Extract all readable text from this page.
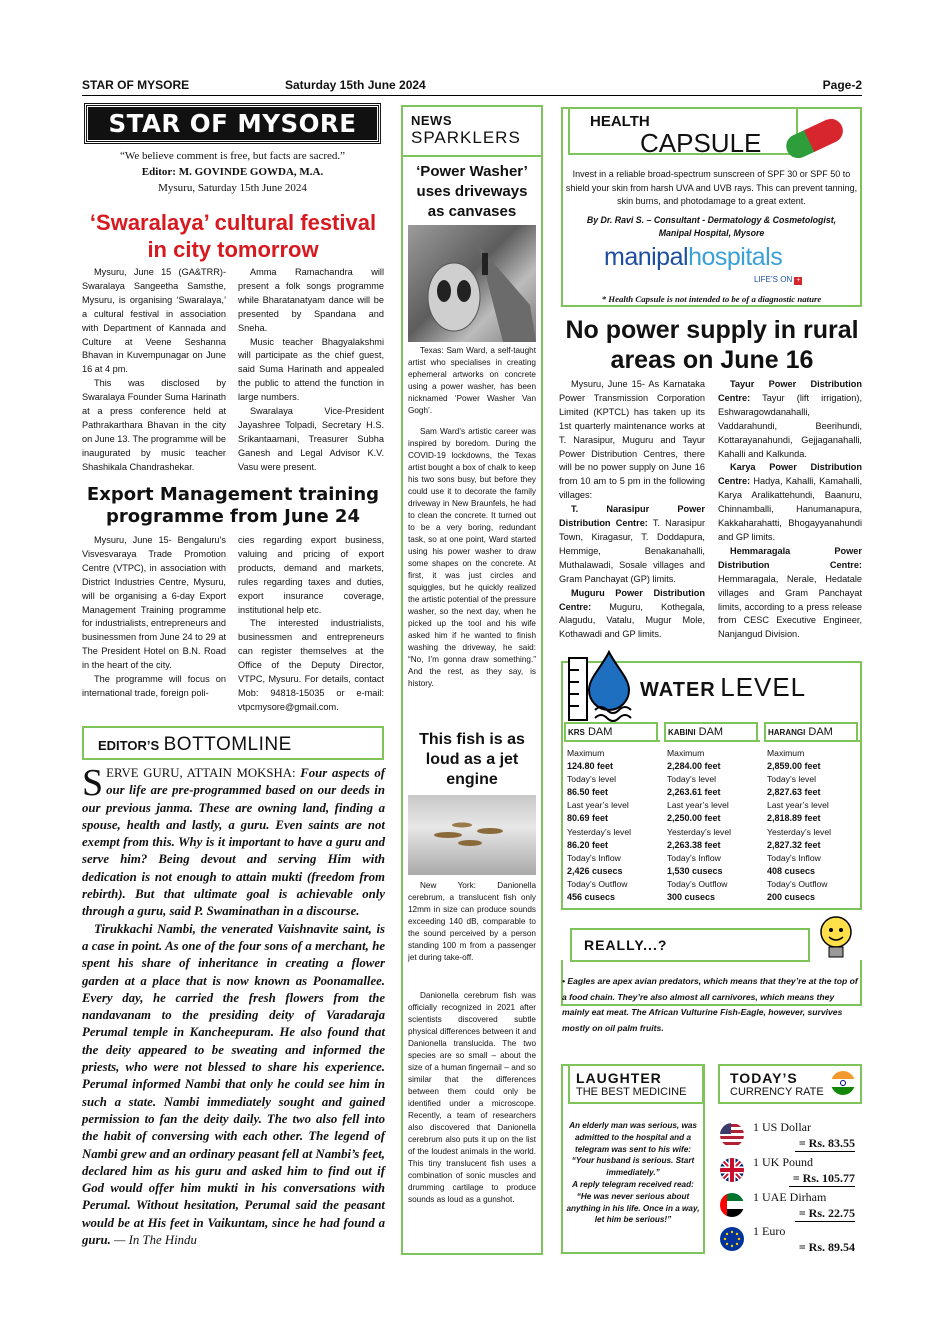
STAR OF MYSORE	Saturday 15th June 2024	Page-2
STAR OF MYSORE
“We believe comment is free, but facts are sacred.”
Editor: M. GOVINDE GOWDA, M.A.
Mysuru, Saturday 15th June 2024
‘Swaralaya’ cultural festival in city tomorrow

Mysuru, June 15 (GA&TRR)- Swaralaya Sangeetha Samsthe, Mysuru, is organising ‘Swaralaya,’ a cultural festival in association with Department of Kannada and Culture at Veene Seshanna Bhavan in Kuvempunagar on June 16 at 4 pm.

This was disclosed by Swaralaya Founder Suma Harinath at a press conference held at Pathrakarthara Bhavan in the city on June 13. The programme will be inaugurated by music teacher Shashikala Chandrashekar.

Amma Ramachandra will present a folk songs programme while Bharatanatyam dance will be presented by Spandana and Sneha.

Music teacher Bhagyalakshmi will participate as the chief guest, said Suma Harinath and appealed the public to attend the function in large numbers.

Swaralaya Vice-President Jayashree Tolpadi, Secretary H.S. Srikantaamani, Treasurer Subha Ganesh and Legal Advisor K.V. Vasu were present.

Export Management training programme from June 24

Mysuru, June 15- Bengaluru’s Visvesvaraya Trade Promotion Centre (VTPC), in association with District Industries Centre, Mysuru, will be organising a 6-day Export Management Training programme for industrialists, entrepreneurs and businessmen from June 24 to 29 at The President Hotel on B.N. Road in the heart of the city.

The programme will focus on international trade, foreign poli-

cies regarding export business, valuing and pricing of export products, demand and markets, rules regarding taxes and duties, export insurance coverage, institutional help etc.

The interested industrialists, businessmen and entrepreneurs can register themselves at the Office of the Deputy Director, VTPC, Mysuru. For details, contact Mob: 94818-15035 or e-mail: vtpcmysore@gmail.com.

EDITOR’S BOTTOMLINE

SERVE GURU, ATTAIN MOKSHA: Four aspects of our life are pre-programmed based on our deeds in our previous janma. These are owning land, finding a spouse, health and lastly, a guru. Even saints are not exempt from this. Why is it important to have a guru and serve him? Being devout and serving Him with dedication is not enough to attain mukti (freedom from rebirth). But that ultimate goal is achievable only through a guru, said P. Swaminathan in a discourse.

Tirukkachi Nambi, the venerated Vaishnavite saint, is a case in point. As one of the four sons of a merchant, he spent his share of inheritance in creating a flower garden at a place that is now known as Poonamallee. Every day, he carried the fresh flowers from the nandavanam to the presiding deity of Varadaraja Perumal temple in Kancheepuram. He also found that the deity appeared to be sweating and informed the priests, who were not blessed to share his experience. Perumal informed Nambi that only he could see him in such a state. Nambi immediately sought and gained permission to fan the deity daily. The two also fell into the habit of conversing with each other. The legend of Nambi grew and an ordinary peasant fell at Nambi’s feet, declared him as his guru and asked him to find out if God would offer him mukti in his conversations with Perumal. Without hesitation, Perumal said the peasant would be at His feet in Vaikuntam, since he had found a guru. — In The Hindu

NEWS
SPARKLERS
‘Power Washer’ uses driveways as canvases

Texas: Sam Ward, a self-taught artist who specialises in creating ephemeral artworks on concrete using a power washer, has been nicknamed ‘Power Washer Van Gogh’.

Sam Ward’s artistic career was inspired by boredom. During the COVID-19 lockdowns, the Texas artist bought a box of chalk to keep his two sons busy, but before they could use it to decorate the family driveway in New Braunfels, he had to clean the concrete. It turned out to be a very boring, redundant task, so at one point, Ward started using his power washer to draw some shapes on the concrete. At first, it was just circles and squiggles, but he quickly realized the artistic potential of the pressure washer, so the next day, when he picked up the tool and his wife asked him if he wanted to finish washing the driveway, he said: “No, I’m gonna draw something.” And the rest, as they say, is history.

This fish is as loud as a jet engine

New York: Danionella cerebrum, a translucent fish only 12mm in size can produce sounds exceeding 140 dB, comparable to the sound perceived by a person standing 100 m from a passenger jet during take-off.

Danionella cerebrum fish was officially recognized in 2021 after scientists discovered subtle physical differences between it and Danionella translucida. The two species are so small – about the size of a human fingernail – and so similar that the differences between them could only be identified under a microscope. Recently, a team of researchers also discovered that Danionella cerebrum also puts it up on the list of the loudest animals in the world. This tiny translucent fish uses a combination of sonic muscles and drumming cartilage to produce sounds as loud as a gunshot.

HEALTH
CAPSULE
Invest in a reliable broad-spectrum sunscreen of SPF 30 or SPF 50 to shield your skin from harsh UVA and UVB rays. This can prevent tanning, skin burns, and photodamage to a great extent.
By Dr. Ravi S. – Consultant - Dermatology & Cosmetologist,
Manipal Hospital, Mysore
manipalhospitals
LIFE’S ON +
* Health Capsule is not intended to be of a diagnostic nature
No power supply in rural areas on June 16

Mysuru, June 15- As Karnataka Power Transmission Corporation Limited (KPTCL) has taken up its 1st quarterly maintenance works at T. Narasipur, Muguru and Tayur Power Distribution Centres, there will be no power supply on June 16 from 10 am to 5 pm in the following villages:

T. Narasipur Power Distribution Centre: T. Narasipur Town, Kiragasur, T. Doddapura, Hemmige, Benakanahalli, Muthalawadi, Sosale villages and Gram Panchayat (GP) limits.

Muguru Power Distribution Centre: Muguru, Kothegala, Alagudu, Vatalu, Mugur Mole, Kothawadi and GP limits.

Tayur Power Distribution Centre: Tayur (lift irrigation), Eshwaragowdanahalli, Vaddarahundi, Beerihundi, Kottarayanahundi, Gejjaganahalli, Kahalli and Kalkunda.

Karya Power Distribution Centre: Hadya, Kahalli, Kamahalli, Karya Aralikattehundi, Baanuru, Chinnamballi, Hanumanapura, Kakkaharahatti, Bhogayyanahundi and GP limits.

Hemmaragala Power Distribution Centre: Hemmaragala, Nerale, Hedatale villages and Gram Panchayat limits, according to a press release from CESC Executive Engineer, Nanjangud Division.

WATER LEVEL
KRS DAM
Maximum
124.80 feet
Today’s level
86.50 feet
Last year’s level
80.69 feet
Yesterday’s level
86.20 feet
Today’s Inflow
2,426 cusecs
Today’s Outflow
456 cusecs
KABINI DAM
Maximum
2,284.00 feet
Today’s level
2,263.61 feet
Last year’s level
2,250.00 feet
Yesterday’s level
2,263.38 feet
Today’s Inflow
1,530 cusecs
Today’s Outflow
300 cusecs
HARANGI DAM
Maximum
2,859.00 feet
Today’s level
2,827.63 feet
Last year’s level
2,818.89 feet
Yesterday’s level
2,827.32 feet
Today’s Inflow
408 cusecs
Today’s Outflow
200 cusecs
REALLY...?
• Eagles are apex avian predators, which means that they’re at the top of a food chain. They’re also almost all carnivores, which means they mainly eat meat. The African Vulturine Fish-Eagle, however, survives mostly on oil palm fruits.
LAUGHTER
THE BEST MEDICINE

An elderly man was serious, was admitted to the hospital and a telegram was sent to his wife: “Your husband is serious. Start immediately.”

A reply telegram received read: “He was never serious about anything in his life. Once in a way, let him be serious!”

TODAY’S
CURRENCY RATE
1 US Dollar
= Rs. 83.55
1 UK Pound
= Rs. 105.77
1 UAE Dirham
= Rs. 22.75
1 Euro
= Rs. 89.54
